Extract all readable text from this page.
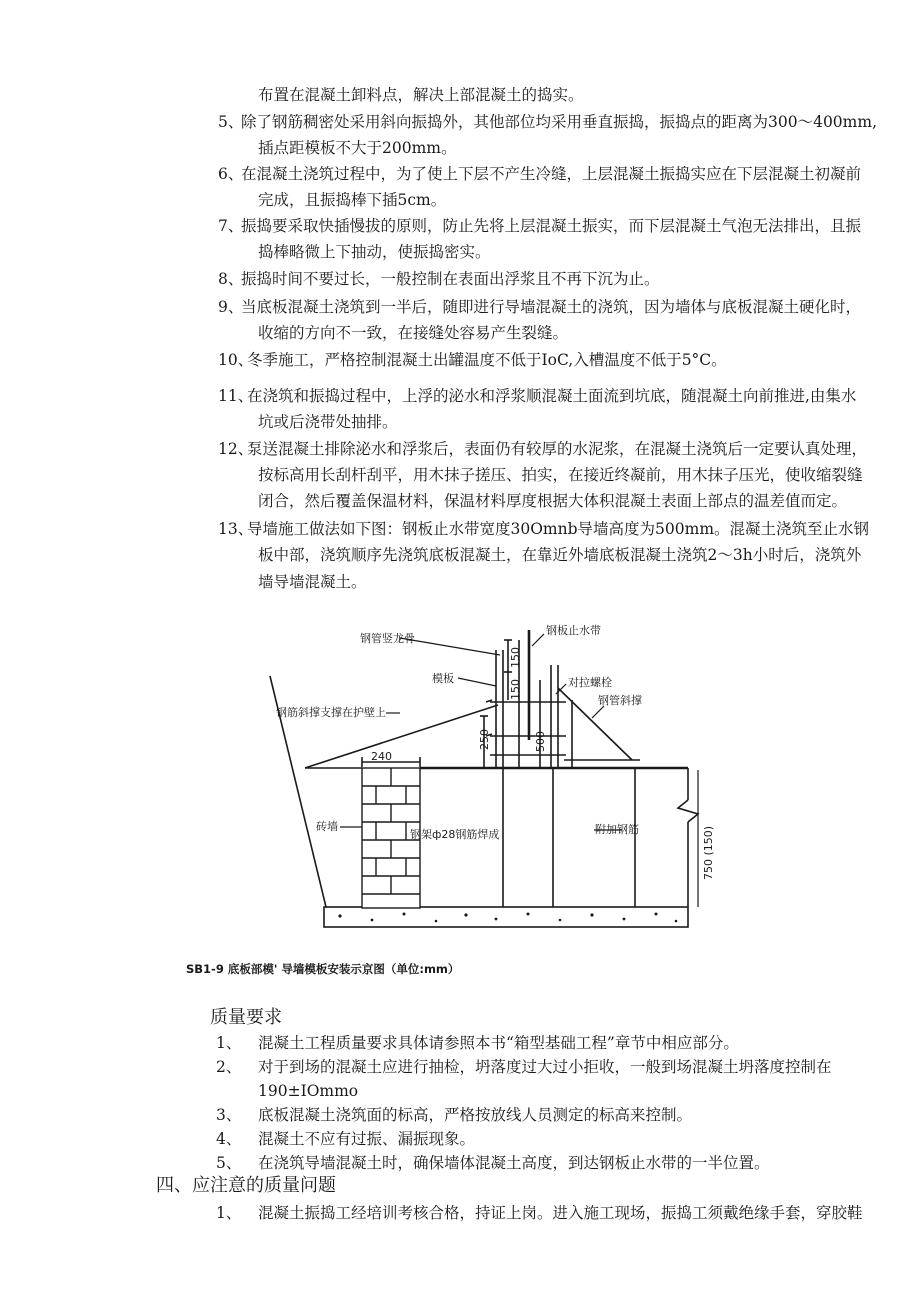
布置在混凝土卸料点，解决上部混凝土的捣实。
5、
除了钢筋稠密处采用斜向振捣外，其他部位均采用垂直振捣，振捣点的距离为300～400mm,
插点距模板不大于200mm。
6、
在混凝土浇筑过程中，为了使上下层不产生冷缝，上层混凝土振捣实应在下层混凝土初凝前
完成，且振捣棒下插5cm。
7、
振捣要采取快插慢拔的原则，防止先将上层混凝土振实，而下层混凝土气泡无法排出，且振
捣棒略微上下抽动，使振捣密实。
8、
振捣时间不要过长，一般控制在表面出浮浆且不再下沉为止。
9、
当底板混凝土浇筑到一半后，随即进行导墙混凝土的浇筑，因为墙体与底板混凝土硬化时，
收缩的方向不一致，在接缝处容易产生裂缝。
10、
冬季施工，严格控制混凝土出罐温度不低于IoC,入槽温度不低于5°C。
11、
在浇筑和振捣过程中，上浮的泌水和浮浆顺混凝土面流到坑底，随混凝土向前推进,由集水
坑或后浇带处抽排。
12、
泵送混凝土排除泌水和浮浆后，表面仍有较厚的水泥浆，在混凝土浇筑后一定要认真处理，
按标高用长刮杆刮平，用木抹子搓压、拍实，在接近终凝前，用木抹子压光，使收缩裂缝
闭合，然后覆盖保温材料，保温材料厚度根据大体积混凝土表面上部点的温差值而定。
13、
导墙施工做法如下图：钢板止水带宽度30Omnb导墙高度为500mm。混凝土浇筑至止水钢
板中部，浇筑顺序先浇筑底板混凝土，在靠近外墙底板混凝土浇筑2～3h小时后，浇筑外
墙导墙混凝土。
钢管竖龙骨
钢板止水带
模板	对拉螺栓
钢管斜撑
钢筋斜撑支撑在护壁上
砖墙
钢架ф28钢筋焊成	附加钢筋
240
150
150
250	500
750 (150)
SB1-9 底板部模' 导墙模板安装示京图（单位:mm）
质量要求
1、 混凝土工程质量要求具体请参照本书“箱型基础工程”章节中相应部分。
2、 对于到场的混凝土应进行抽检，坍落度过大过小拒收，一般到场混凝土坍落度控制在
190±IOmmo
3、 底板混凝土浇筑面的标高，严格按放线人员测定的标高来控制。
4、 混凝土不应有过振、漏振现象。
5、 在浇筑导墙混凝土时，确保墙体混凝土高度，到达钢板止水带的一半位置。
四、应注意的质量问题
1、 混凝土振捣工经培训考核合格，持证上岗。进入施工现场，振捣工须戴绝缘手套，穿胶鞋
